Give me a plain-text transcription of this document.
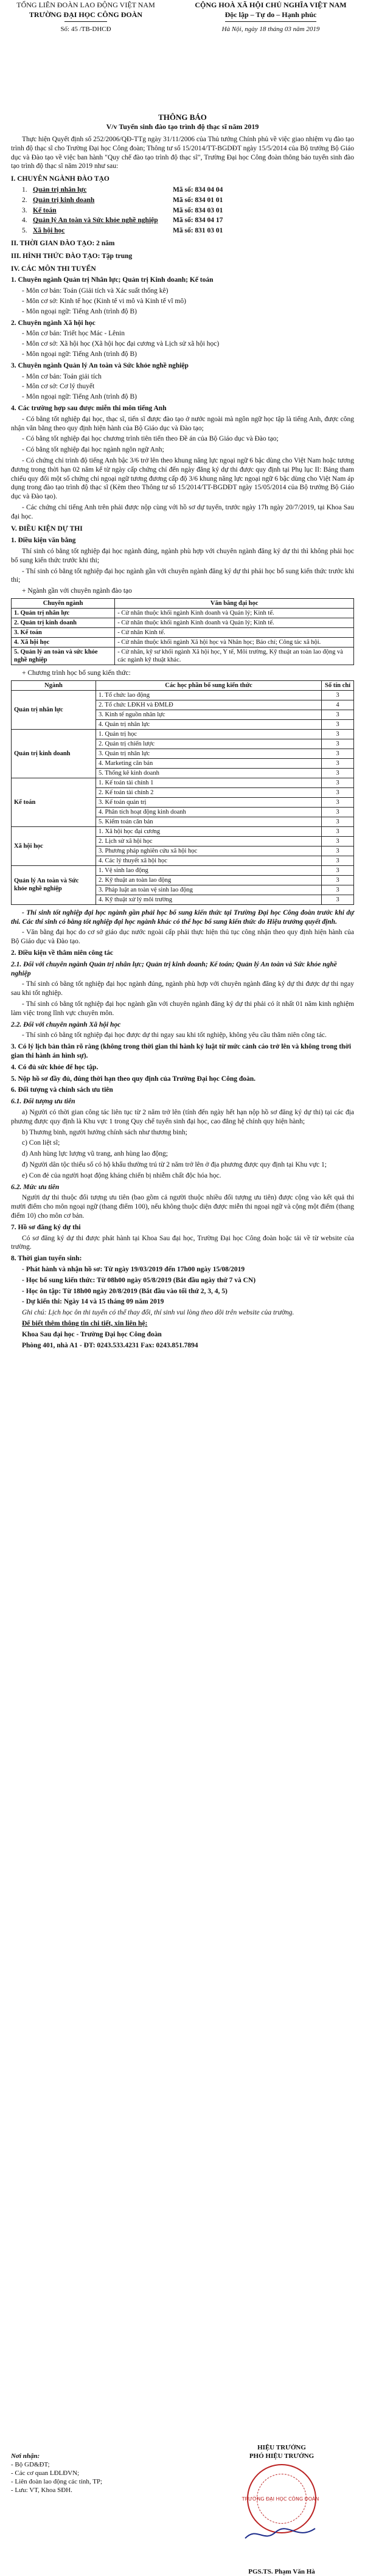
TỔNG LIÊN ĐOÀN LAO ĐỘNG VIỆT NAM
TRƯỜNG ĐẠI HỌC CÔNG ĐOÀN
Số: 45 /TB-DHCĐ
CỘNG HOÀ XÃ HỘI CHỦ NGHĨA VIỆT NAM
Độc lập – Tự do – Hạnh phúc
Hà Nội, ngày 18 tháng 03 năm 2019
THÔNG BÁO
V/v Tuyển sinh đào tạo trình độ thạc sĩ năm 2019

Thực hiện Quyết định số 252/2006/QĐ-TTg ngày 31/11/2006 của Thủ tướng Chính phủ về việc giao nhiệm vụ đào tạo trình độ thạc sĩ cho Trường Đại học Công đoàn; Thông tư số 15/2014/TT-BGDĐT ngày 15/5/2014 của Bộ trưởng Bộ Giáo dục và Đào tạo về việc ban hành "Quy chế đào tạo trình độ thạc sĩ", Trường Đại học Công đoàn thông báo tuyển sinh đào tạo trình độ thạc sĩ năm 2019 như sau:

I. CHUYÊN NGÀNH ĐÀO TẠO
1. Quản trị nhân lực	Mã số: 834 04 04
2. Quản trị kinh doanh	Mã số: 834 01 01
3. Kế toán	Mã số: 834 03 01
4. Quản lý An toàn và Sức khỏe nghề nghiệp	Mã số: 834 04 17
5. Xã hội học	Mã số: 831 03 01
II. THỜI GIAN ĐÀO TẠO: 2 năm
III. HÌNH THỨC ĐÀO TẠO: Tập trung
IV. CÁC MÔN THI TUYỂN
1. Chuyên ngành Quản trị Nhân lực; Quản trị Kinh doanh; Kế toán
- Môn cơ bản: Toán (Giải tích và Xác suất thống kê)
- Môn cơ sở: Kinh tế học (Kinh tế vi mô và Kinh tế vĩ mô)
- Môn ngoại ngữ: Tiếng Anh (trình độ B)
2. Chuyên ngành Xã hội học
- Môn cơ bản: Triết học Mác - Lênin
- Môn cơ sở: Xã hội học (Xã hội học đại cương và Lịch sử xã hội học)
- Môn ngoại ngữ: Tiếng Anh (trình độ B)
3. Chuyên ngành Quản lý An toàn và Sức khỏe nghề nghiệp
- Môn cơ bản: Toán giải tích
- Môn cơ sở: Cơ lý thuyết
- Môn ngoại ngữ: Tiếng Anh (trình độ B)
4. Các trường hợp sau được miễn thi môn tiếng Anh

- Có bằng tốt nghiệp đại học, thạc sĩ, tiến sĩ được đào tạo ở nước ngoài mà ngôn ngữ học tập là tiếng Anh, được công nhận văn bằng theo quy định hiện hành của Bộ Giáo dục và Đào tạo;

- Có bằng tốt nghiệp đại học chương trình tiên tiến theo Đề án của Bộ Giáo dục và Đào tạo;

- Có bằng tốt nghiệp đại học ngành ngôn ngữ Anh;

- Có chứng chỉ trình độ tiếng Anh bậc 3/6 trở lên theo khung năng lực ngoại ngữ 6 bậc dùng cho Việt Nam hoặc tương đương trong thời hạn 02 năm kể từ ngày cấp chứng chỉ đến ngày đăng ký dự thi được quy định tại Phụ lục II: Bảng tham chiếu quy đổi một số chứng chỉ ngoại ngữ tương đương cấp độ 3/6 khung năng lực ngoại ngữ 6 bậc dùng cho Việt Nam áp dụng trong đào tạo trình độ thạc sĩ (Kèm theo Thông tư số 15/2014/TT-BGDĐT ngày 15/05/2014 của Bộ trưởng Bộ Giáo dục và Đào tạo).

- Các chứng chỉ tiếng Anh trên phải được nộp cùng với hồ sơ dự tuyển, trước ngày 17h ngày 20/7/2019, tại Khoa Sau đại học.

V. ĐIỀU KIỆN DỰ THI
1. Điều kiện văn bằng

Thí sinh có bằng tốt nghiệp đại học ngành đúng, ngành phù hợp với chuyên ngành đăng ký dự thi thì không phải học bổ sung kiến thức trước khi thi;

- Thí sinh có bằng tốt nghiệp đại học ngành gần với chuyên ngành đăng ký dự thi phải học bổ sung kiến thức trước khi thi;

+ Ngành gần với chuyên ngành đào tạo

Chuyên ngành	Văn bằng đại học
1. Quản trị nhân lực	- Cử nhân thuộc khối ngành Kinh doanh và Quản lý; Kinh tế.
2. Quản trị kinh doanh	- Cử nhân thuộc khối ngành Kinh doanh và Quản lý; Kinh tế.
3. Kế toán	- Cử nhân Kinh tế.
4. Xã hội học	- Cử nhân thuộc khối ngành Xã hội học và Nhân học; Báo chí; Công tác xã hội.
5. Quản lý an toàn và sức khỏe nghề nghiệp	- Cử nhân, kỹ sư khối ngành Xã hội học, Y tế, Môi trường, Kỹ thuật an toàn lao động và các ngành kỹ thuật khác.

+ Chương trình học bổ sung kiến thức:

Ngành	Các học phần bổ sung kiến thức	Số tín chỉ
Quản trị nhân lực	1. Tổ chức lao động	3
	2. Tổ chức LĐKH và ĐMLĐ	4
	3. Kinh tế nguồn nhân lực	3
	4. Quản trị nhân lực	3
Quản trị kinh doanh	1. Quản trị học	3
	2. Quản trị chiến lược	3
	3. Quản trị nhân lực	3
	4. Marketing căn bản	3
	5. Thống kê kinh doanh	3
Kế toán	1. Kế toán tài chính 1	3
	2. Kế toán tài chính 2	3
	3. Kế toán quản trị	3
	4. Phân tích hoạt động kinh doanh	3
	5. Kiểm toán căn bản	3
Xã hội học	1. Xã hội học đại cương	3
	2. Lịch sử xã hội học	3
	3. Phương pháp nghiên cứu xã hội học	3
	4. Các lý thuyết xã hội học	3
Quản lý An toàn và Sức khỏe nghề nghiệp	1. Vệ sinh lao động	3
	2. Kỹ thuật an toàn lao động	3
	3. Pháp luật an toàn vệ sinh lao động	3
	4. Kỹ thuật xử lý môi trường	3

- Thí sinh tốt nghiệp đại học ngành gần phải học bổ sung kiến thức tại Trường Đại học Công đoàn trước khi dự thi. Các thí sinh có bằng tốt nghiệp đại học ngành khác có thể học bổ sung kiến thức do Hiệu trưởng quyết định.

- Văn bằng đại học do cơ sở giáo dục nước ngoài cấp phải thực hiện thủ tục công nhận theo quy định hiện hành của Bộ Giáo dục và Đào tạo.

2. Điều kiện về thâm niên công tác
2.1. Đối với chuyên ngành Quản trị nhân lực; Quản trị kinh doanh; Kế toán; Quản lý An toàn và Sức khỏe nghề nghiệp

- Thí sinh có bằng tốt nghiệp đại học ngành đúng, ngành phù hợp với chuyên ngành đăng ký dự thi được dự thi ngay sau khi tốt nghiệp.

- Thí sinh có bằng tốt nghiệp đại học ngành gần với chuyên ngành đăng ký dự thi phải có ít nhất 01 năm kinh nghiệm làm việc trong lĩnh vực chuyên môn.

2.2. Đối với chuyên ngành Xã hội học

- Thí sinh có bằng tốt nghiệp đại học được dự thi ngay sau khi tốt nghiệp, không yêu cầu thâm niên công tác.

3. Có lý lịch bản thân rõ ràng (không trong thời gian thi hành kỷ luật từ mức cảnh cáo trở lên và không trong thời gian thi hành án hình sự).
4. Có đủ sức khỏe để học tập.
5. Nộp hồ sơ đầy đủ, đúng thời hạn theo quy định của Trường Đại học Công đoàn.
6. Đối tượng và chính sách ưu tiên
6.1. Đối tượng ưu tiên

a) Người có thời gian công tác liên tục từ 2 năm trở lên (tính đến ngày hết hạn nộp hồ sơ đăng ký dự thi) tại các địa phương được quy định là Khu vực 1 trong Quy chế tuyển sinh đại học, cao đẳng hệ chính quy hiện hành;

b) Thương binh, người hưởng chính sách như thương binh;

c) Con liệt sĩ;

d) Anh hùng lực lượng vũ trang, anh hùng lao động;

đ) Người dân tộc thiểu số có hộ khẩu thường trú từ 2 năm trở lên ở địa phương được quy định tại Khu vực 1;

e) Con đẻ của người hoạt động kháng chiến bị nhiễm chất độc hóa học.

6.2. Mức ưu tiên

Người dự thi thuộc đối tượng ưu tiên (bao gồm cả người thuộc nhiều đối tượng ưu tiên) được cộng vào kết quả thi mười điểm cho môn ngoại ngữ (thang điểm 100), nếu không thuộc diện được miễn thi ngoại ngữ và cộng một điểm (thang điểm 10) cho môn cơ bản.

7. Hồ sơ đăng ký dự thi

Có sơ đăng ký dự thi được phát hành tại Khoa Sau đại học, Trường Đại học Công đoàn hoặc tải về từ website của trường.

8. Thời gian tuyển sinh:

- Phát hành và nhận hồ sơ: Từ ngày 19/03/2019 đến 17h00 ngày 15/08/2019

- Học bổ sung kiến thức: Từ 08h00 ngày 05/8/2019 (Bắt đầu ngày thứ 7 và CN)

- Học ôn tập: Từ 18h00 ngày 20/8/2019 (Bắt đầu vào tối thứ 2, 3, 4, 5)

- Dự kiến thi: Ngày 14 và 15 tháng 09 năm 2019

Ghi chú: Lịch học ôn thi tuyển có thể thay đổi, thí sinh vui lòng theo dõi trên website của trường.

Để biết thêm thông tin chi tiết, xin liên hệ:

Khoa Sau đại học - Trường Đại học Công đoàn

Phòng 401, nhà A1 - ĐT: 0243.533.4231 Fax: 0243.851.7894

Nơi nhận:
- Bộ GD&ĐT;
- Các cơ quan LĐLĐVN;
- Liên đoàn lao động các tỉnh, TP;
- Lưu: VT, Khoa SĐH.
HIỆU TRƯỞNG
PHÓ HIỆU TRƯỞNG
TRƯỜNG ĐẠI HỌC CÔNG ĐOÀN
PGS.TS. Phạm Văn Hà
